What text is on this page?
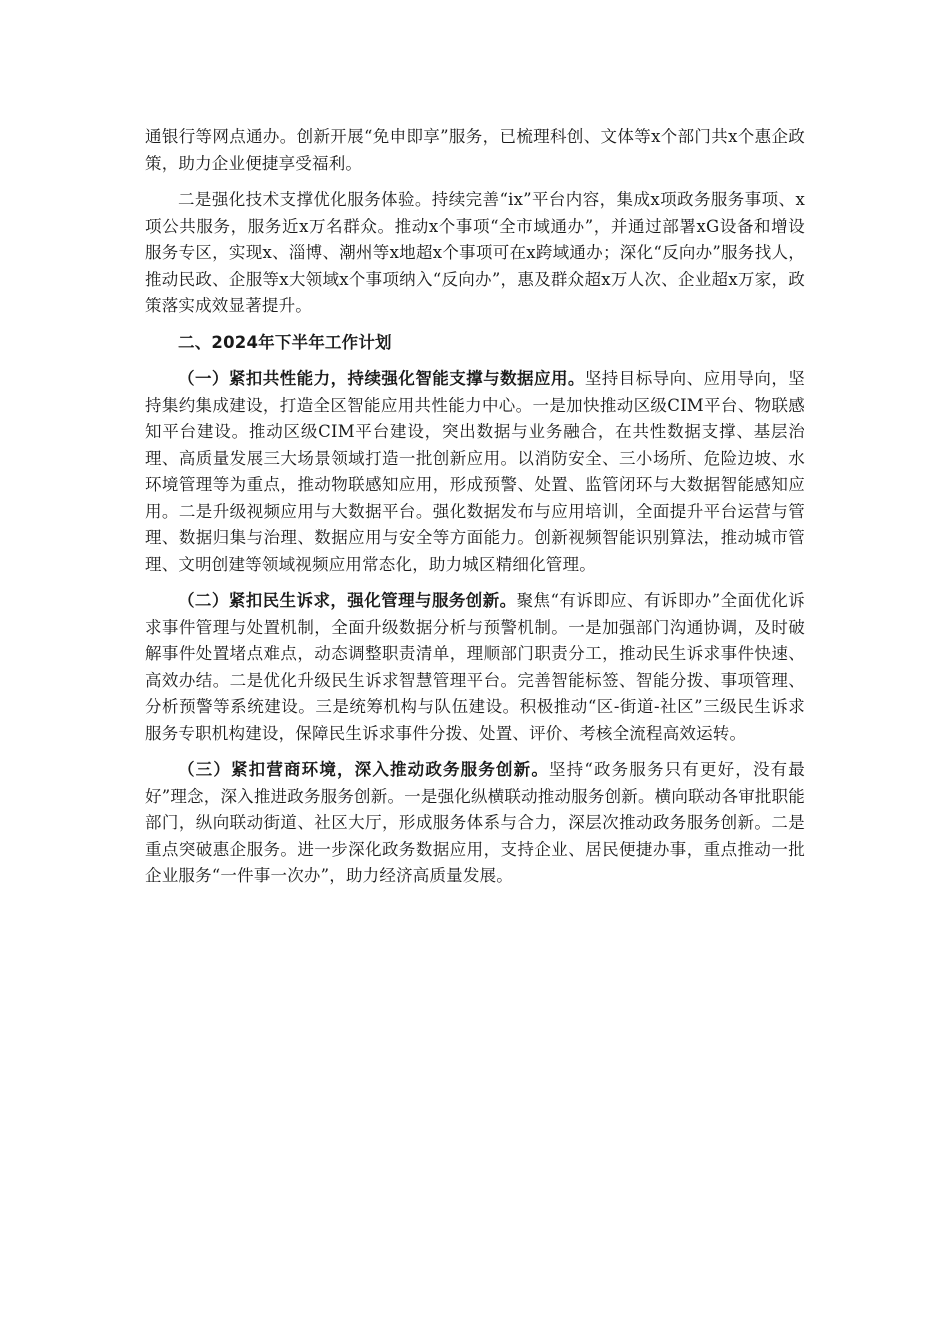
通银行等网点通办。创新开展“免申即享”服务，已梳理科创、文体等x个部门共x个惠企政策，助力企业便捷享受福利。

二是强化技术支撑优化服务体验。持续完善“ix”平台内容，集成x项政务服务事项、x项公共服务，服务近x万名群众。推动x个事项“全市域通办”，并通过部署xG设备和增设服务专区，实现x、淄博、潮州等x地超x个事项可在x跨域通办；深化“反向办”服务找人，推动民政、企服等x大领域x个事项纳入“反向办”，惠及群众超x万人次、企业超x万家，政策落实成效显著提升。

二、2024年下半年工作计划

（一）紧扣共性能力，持续强化智能支撑与数据应用。坚持目标导向、应用导向，坚持集约集成建设，打造全区智能应用共性能力中心。一是加快推动区级CIM平台、物联感知平台建设。推动区级CIM平台建设，突出数据与业务融合，在共性数据支撑、基层治理、高质量发展三大场景领域打造一批创新应用。以消防安全、三小场所、危险边坡、水环境管理等为重点，推动物联感知应用，形成预警、处置、监管闭环与大数据智能感知应用。二是升级视频应用与大数据平台。强化数据发布与应用培训，全面提升平台运营与管理、数据归集与治理、数据应用与安全等方面能力。创新视频智能识别算法，推动城市管理、文明创建等领域视频应用常态化，助力城区精细化管理。

（二）紧扣民生诉求，强化管理与服务创新。聚焦“有诉即应、有诉即办”全面优化诉求事件管理与处置机制，全面升级数据分析与预警机制。一是加强部门沟通协调，及时破解事件处置堵点难点，动态调整职责清单，理顺部门职责分工，推动民生诉求事件快速、高效办结。二是优化升级民生诉求智慧管理平台。完善智能标签、智能分拨、事项管理、分析预警等系统建设。三是统筹机构与队伍建设。积极推动“区-街道-社区”三级民生诉求服务专职机构建设，保障民生诉求事件分拨、处置、评价、考核全流程高效运转。

（三）紧扣营商环境，深入推动政务服务创新。坚持“政务服务只有更好，没有最好”理念，深入推进政务服务创新。一是强化纵横联动推动服务创新。横向联动各审批职能部门，纵向联动街道、社区大厅，形成服务体系与合力，深层次推动政务服务创新。二是重点突破惠企服务。进一步深化政务数据应用，支持企业、居民便捷办事，重点推动一批企业服务“一件事一次办”，助力经济高质量发展。
